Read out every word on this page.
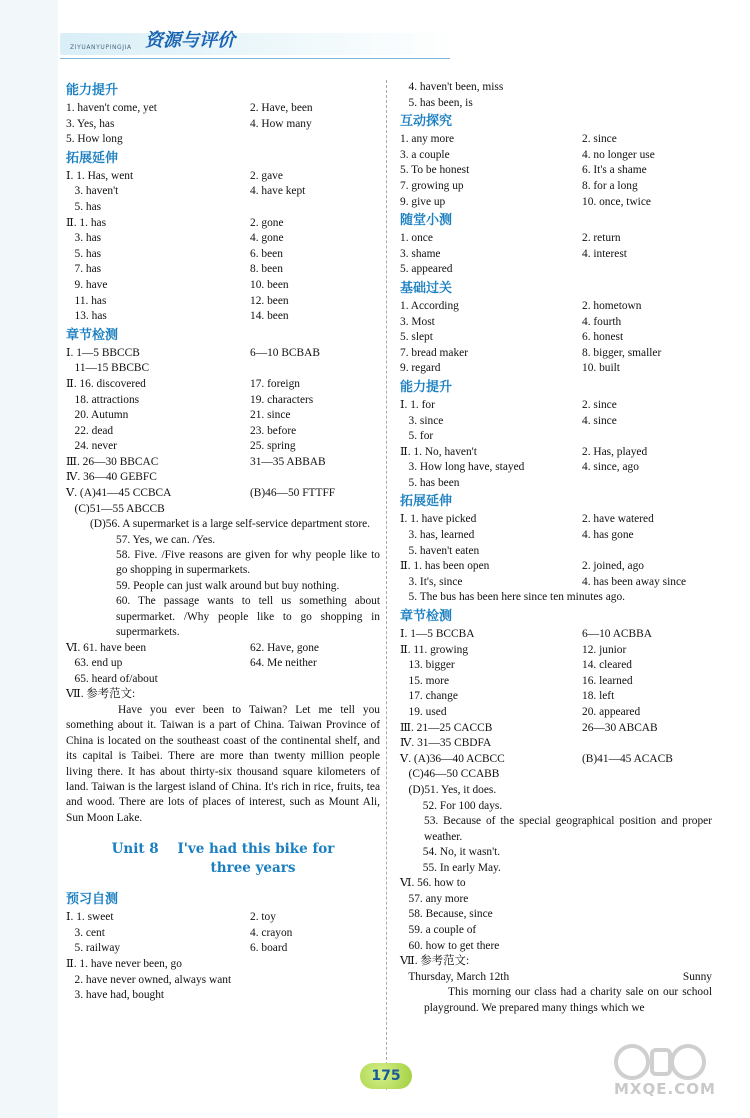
ZIYUANYUPINGJIA 资源与评价
能力提升
1. haven't come, yet	2. Have, been
3. Yes, has	4. How many
5. How long
拓展延伸
Ⅰ. 1. Has, went	2. gave
3. haven't	4. have kept
5. has
Ⅱ. 1. has	2. gone
3. has	4. gone
5. has	6. been
7. has	8. been
9. have	10. been
11. has	12. been
13. has	14. been
章节检测
Ⅰ. 1—5 BBCCB	6—10 BCBAB
11—15 BBCBC
Ⅱ. 16. discovered	17. foreign
18. attractions	19. characters
20. Autumn	21. since
22. dead	23. before
24. never	25. spring
Ⅲ. 26—30 BBCAC	31—35 ABBAB
Ⅳ. 36—40 GEBFC
Ⅴ. (A)41—45 CCBCA	(B)46—50 FTTFF
(C)51—55 ABCCB
(D)56. A supermarket is a large self-service department store.
57. Yes, we can. /Yes.
58. Five. /Five reasons are given for why people like to go shopping in supermarkets.
59. People can just walk around but buy nothing.
60. The passage wants to tell us something about supermarket. /Why people like to go shopping in supermarkets.
Ⅵ. 61. have been	62. Have, gone
63. end up	64. Me neither
65. heard of/about
Ⅶ. 参考范文:
Have you ever been to Taiwan? Let me tell you something about it. Taiwan is a part of China. Taiwan Province of China is located on the southeast coast of the continental shelf, and its capital is Taibei. There are more than twenty million people living there. It has about thirty-six thousand square kilometers of land. Taiwan is the largest island of China. It's rich in rice, fruits, tea and wood. There are lots of places of interest, such as Mount Ali, Sun Moon Lake.
Unit 8    I've had this bike for
three years
预习自测
Ⅰ. 1. sweet	2. toy
3. cent	4. crayon
5. railway	6. board
Ⅱ. 1. have never been, go
2. have never owned, always want
3. have had, bought
4. haven't been, miss
5. has been, is
互动探究
1. any more	2. since
3. a couple	4. no longer use
5. To be honest	6. It's a shame
7. growing up	8. for a long
9. give up	10. once, twice
随堂小测
1. once	2. return
3. shame	4. interest
5. appeared
基础过关
1. According	2. hometown
3. Most	4. fourth
5. slept	6. honest
7. bread maker	8. bigger, smaller
9. regard	10. built
能力提升
Ⅰ. 1. for	2. since
3. since	4. since
5. for
Ⅱ. 1. No, haven't	2. Has, played
3. How long have, stayed	4. since, ago
5. has been
拓展延伸
Ⅰ. 1. have picked	2. have watered
3. has, learned	4. has gone
5. haven't eaten
Ⅱ. 1. has been open	2. joined, ago
3. It's, since	4. has been away since
5. The bus has been here since ten minutes ago.
章节检测
Ⅰ. 1—5 BCCBA	6—10 ACBBA
Ⅱ. 11. growing	12. junior
13. bigger	14. cleared
15. more	16. learned
17. change	18. left
19. used	20. appeared
Ⅲ. 21—25 CACCB	26—30 ABCAB
Ⅳ. 31—35 CBDFA
Ⅴ. (A)36—40 ACBCC	(B)41—45 ACACB
(C)46—50 CCABB
(D)51. Yes, it does.
52. For 100 days.
53. Because of the special geographical position and proper weather.
54. No, it wasn't.
55. In early May.
Ⅵ. 56. how to
57. any more
58. Because, since
59. a couple of
60. how to get there
Ⅶ. 参考范文:
Thursday, March 12th	Sunny
This morning our class had a charity sale on our school playground. We prepared many things which we
175
MXQE.COM
